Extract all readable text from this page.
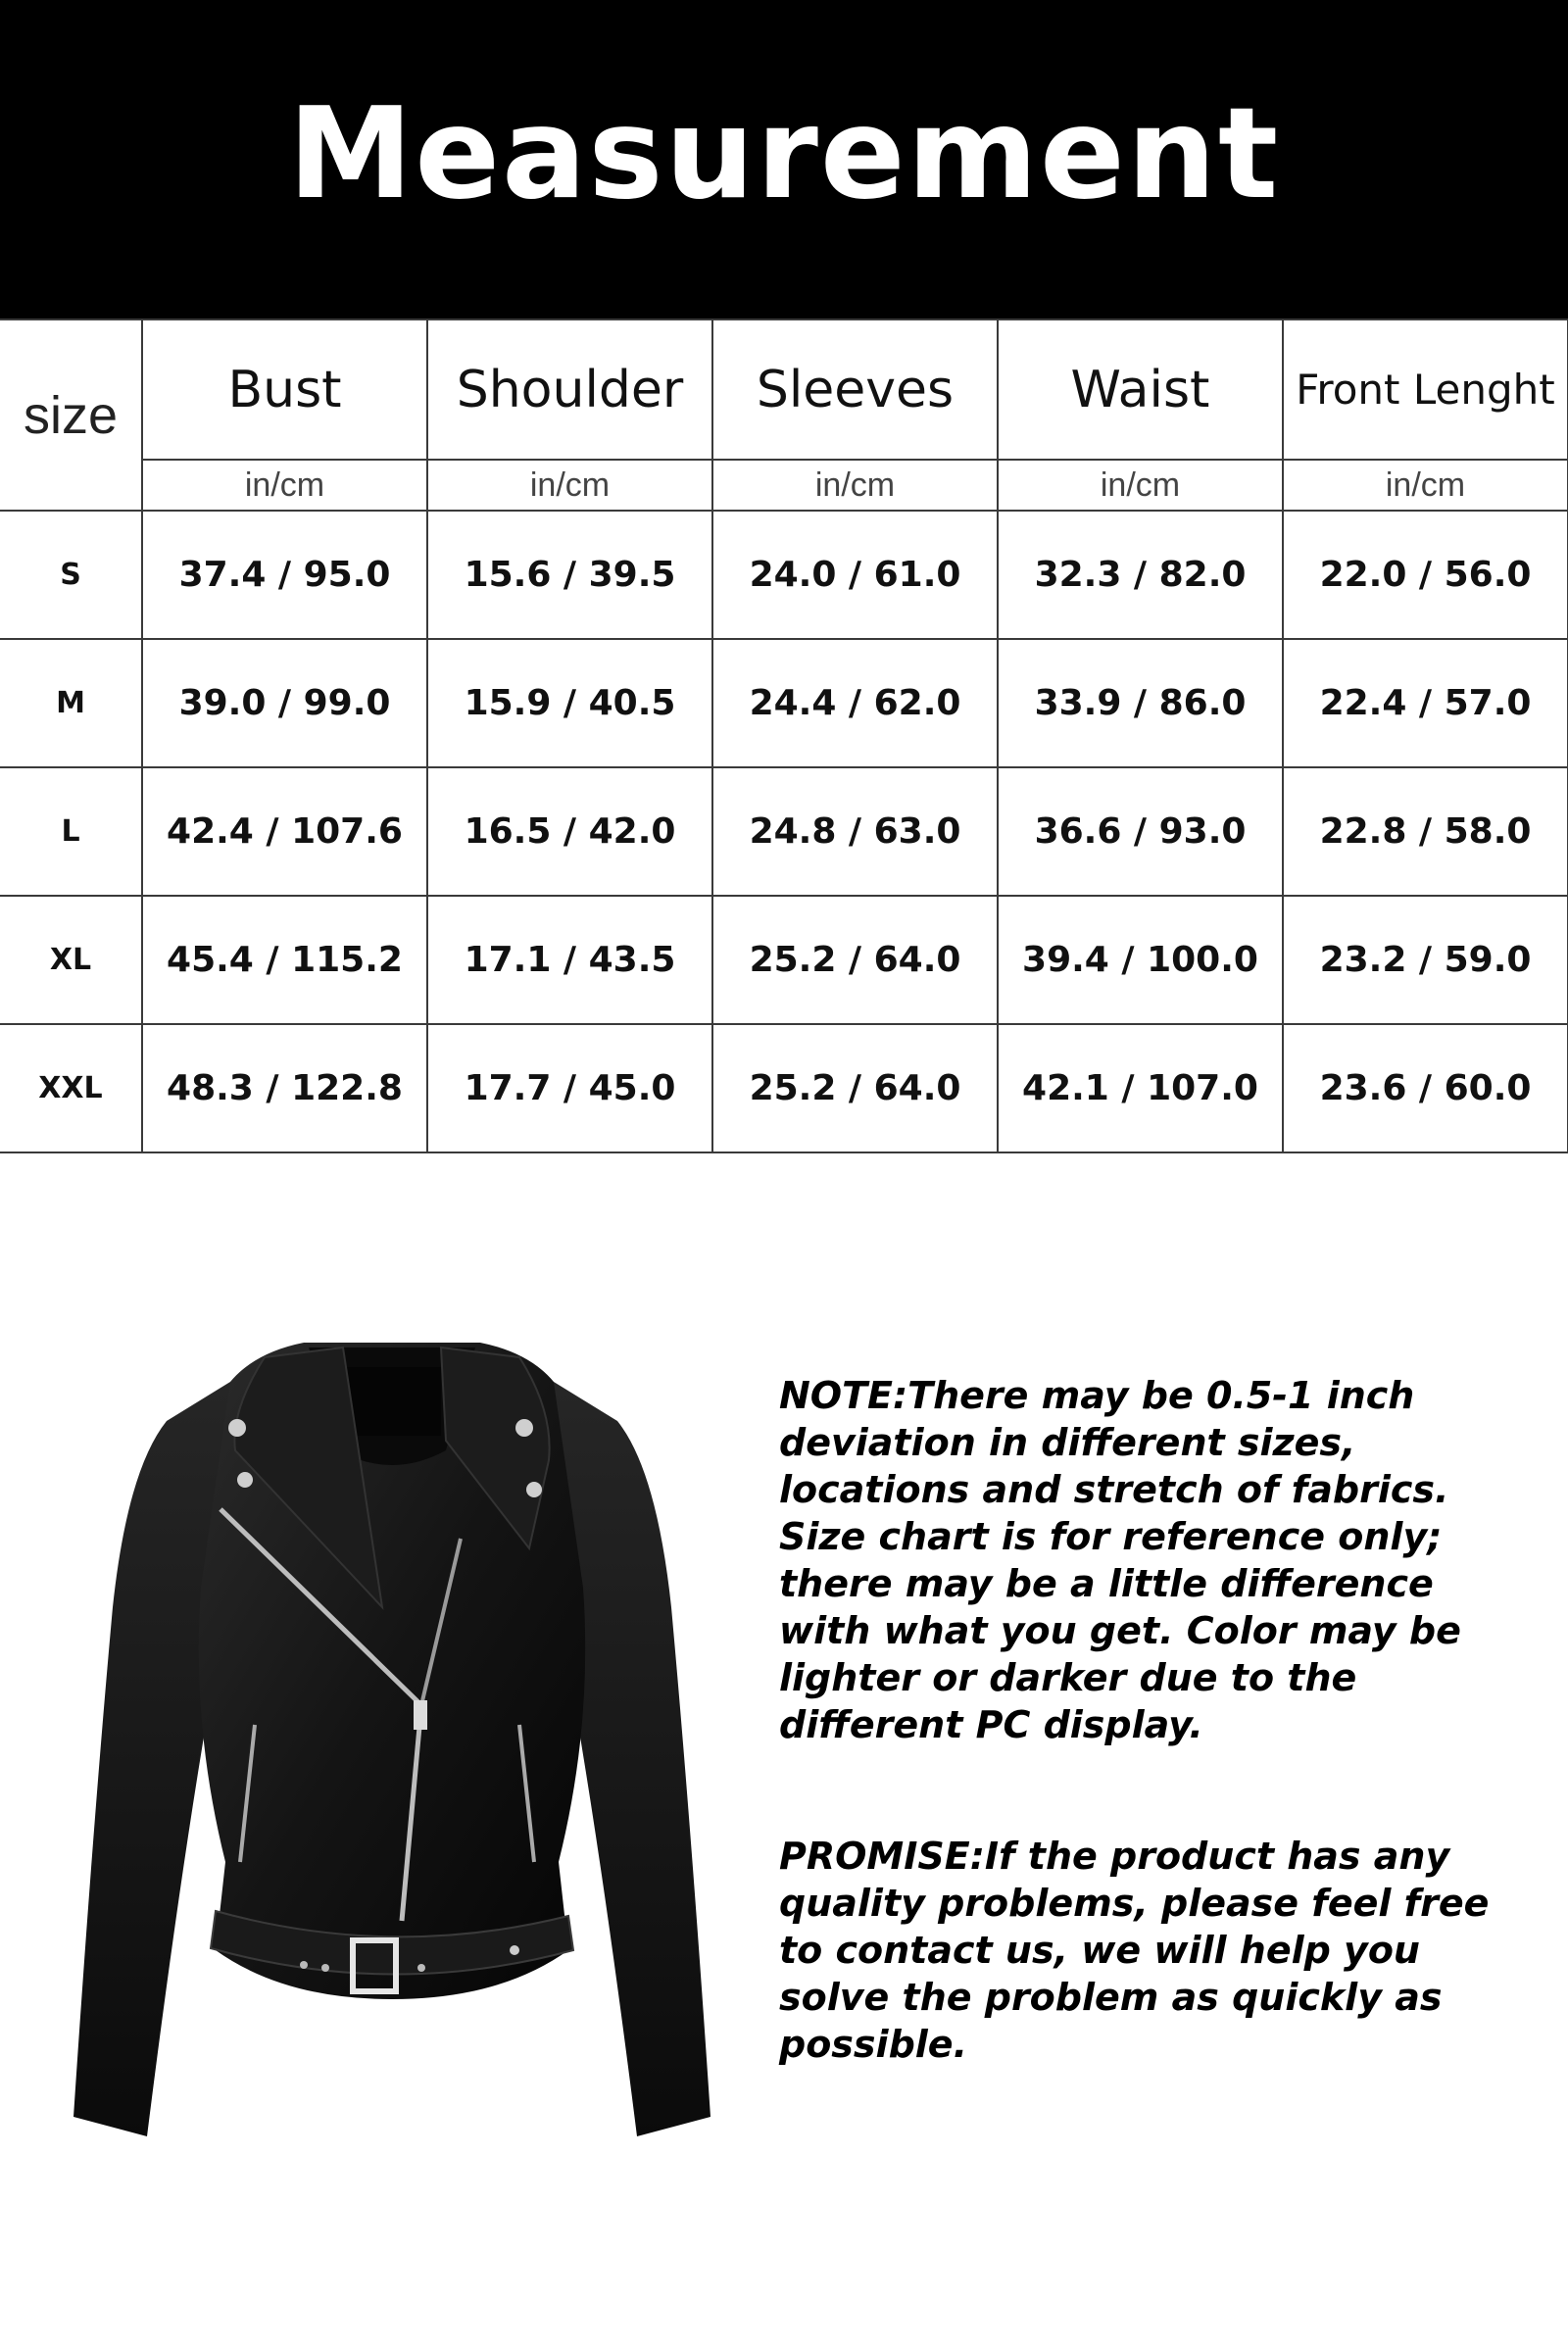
Measurement
size	Bust	Shoulder	Sleeves	Waist	Front Lenght
	in/cm	in/cm	in/cm	in/cm	in/cm
S	37.4 / 95.0	15.6 / 39.5	24.0 / 61.0	32.3 / 82.0	22.0 / 56.0
M	39.0 / 99.0	15.9 / 40.5	24.4 / 62.0	33.9 / 86.0	22.4 / 57.0
L	42.4 / 107.6	16.5 / 42.0	24.8 / 63.0	36.6 / 93.0	22.8 / 58.0
XL	45.4 / 115.2	17.1 / 43.5	25.2 / 64.0	39.4 / 100.0	23.2 / 59.0
XXL	48.3 / 122.8	17.7 / 45.0	25.2 / 64.0	42.1 / 107.0	23.6 / 60.0
NOTE:There may be 0.5-1 inch deviation in different sizes, locations and stretch of fabrics. Size chart is for reference only; there may be a little difference with what you get. Color may be lighter or darker due to the different PC display.
PROMISE:If the product has any quality problems, please feel free to contact us, we will help you solve the problem as quickly as possible.
